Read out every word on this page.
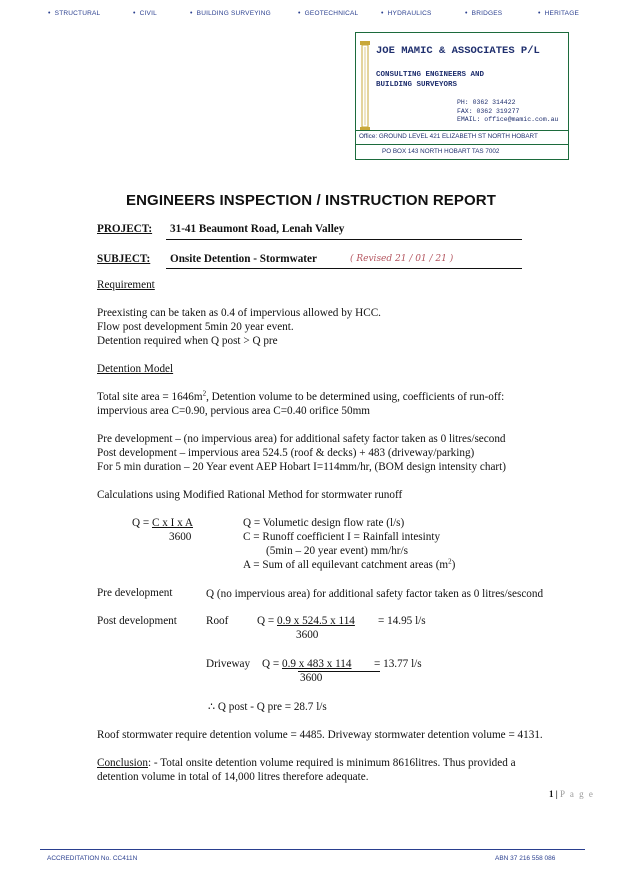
• STRUCTURAL	• CIVIL	• BUILDING SURVEYING	• GEOTECHNICAL	• HYDRAULICS	• BRIDGES	• HERITAGE
JOE MAMIC & ASSOCIATES P/L
CONSULTING ENGINEERS AND
BUILDING SURVEYORS
PH: 0362 314422
FAX: 0362 319277
EMAIL: office@mamic.com.au
Office: GROUND LEVEL 421 ELIZABETH ST NORTH HOBART
PO BOX 143 NORTH HOBART TAS 7002
ENGINEERS INSPECTION / INSTRUCTION REPORT
PROJECT: 31-41 Beaumont Road, Lenah Valley
SUBJECT: Onsite Detention - Stormwater	( Revised 21 / 01 / 21 )
Requirement
Preexisting can be taken as 0.4 of impervious allowed by HCC.
Flow post development 5min 20 year event.
Detention required when Q post > Q pre
Detention Model
Total site area = $1646m^2$, Detention volume to be determined using, coefficients of run-off:
impervious area C=0.90, pervious area C=0.40 orifice 50mm
Pre development – (no impervious area) for additional safety factor taken as 0 litres/second
Post development – impervious area 524.5 (roof & decks) + 483 (driveway/parking)
For 5 min duration – 20 Year event AEP Hobart I=114mm/hr, (BOM design intensity chart)
Calculations using Modified Rational Method for stormwater runoff
Q = C x I x A
3600
Q = Volumetic design flow rate (l/s)
C = Runoff coefficient I = Rainfall intesinty
(5min – 20 year event) mm/hr/s
A = Sum of all equilevant catchment areas $(m^2)$
Pre development	Q (no impervious area) for additional safety factor taken as 0 litres/sescond
Post development	Roof	Q = 0.9 x 524.5 x 114 = 14.95 l/s
3600
Driveway Q = 0.9 x 483 x 114 = 13.77 l/s
3600
∴ Q post - Q pre = 28.7 l/s
Roof stormwater require detention volume = 4485. Driveway stormwater detention volume = 4131.
Conclusion: - Total onsite detention volume required is minimum 8616litres. Thus provided a
detention volume in total of 14,000 litres therefore adequate.
1 | P a g e
ACCREDITATION No. CC411N	ABN 37 216 558 086
